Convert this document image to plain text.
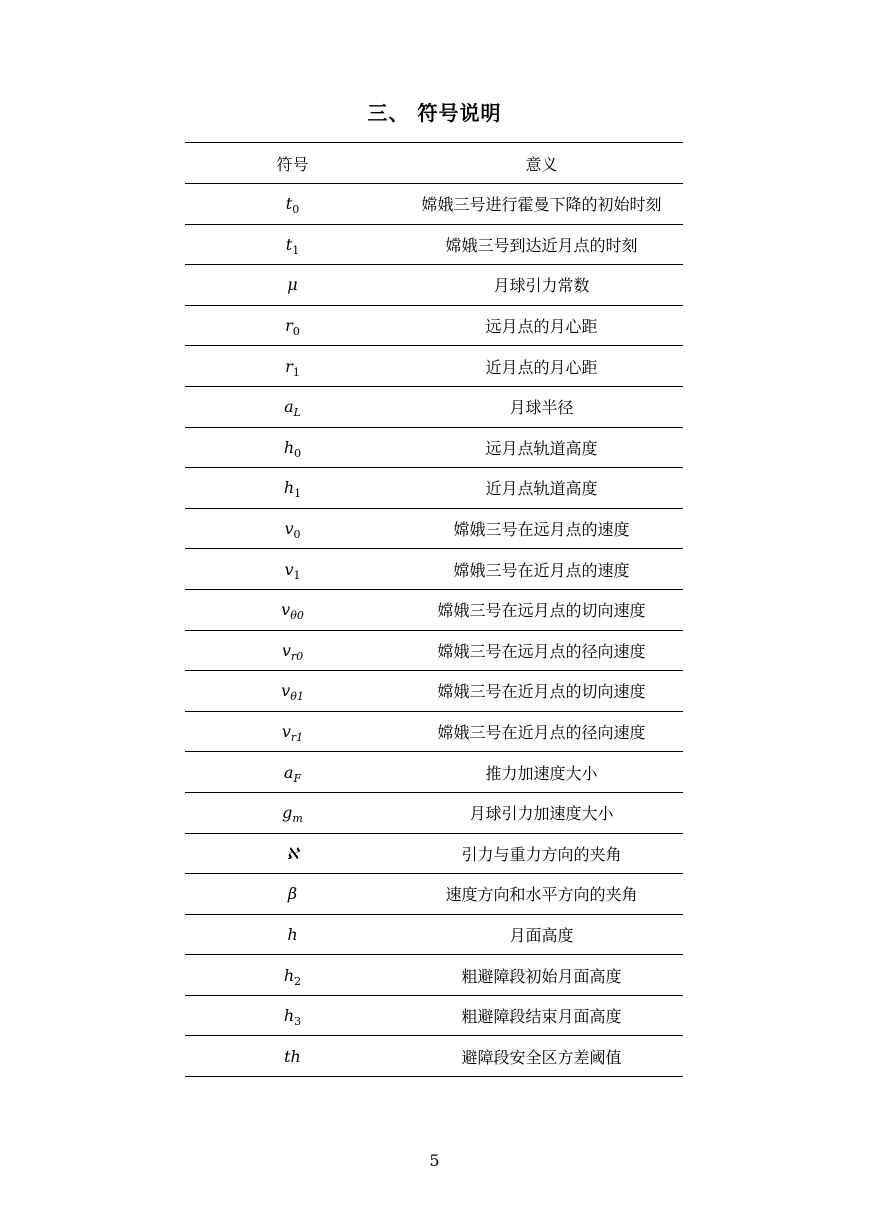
三、 符号说明
符号	意义
$t_0$	嫦娥三号进行霍曼下降的初始时刻
$t_1$	嫦娥三号到达近月点的时刻
μ	月球引力常数
$r_0$	远月点的月心距
$r_1$	近月点的月心距
$a_L$	月球半径
$h_0$	远月点轨道高度
$h_1$	近月点轨道高度
$v_0$	嫦娥三号在远月点的速度
$v_1$	嫦娥三号在近月点的速度
$v_{\theta 0}$	嫦娥三号在远月点的切向速度
$v_{r0}$	嫦娥三号在远月点的径向速度
$v_{\theta 1}$	嫦娥三号在近月点的切向速度
$v_{r1}$	嫦娥三号在近月点的径向速度
$a_F$	推力加速度大小
$g_m$	月球引力加速度大小
ℵ	引力与重力方向的夹角
β	速度方向和水平方向的夹角
h	月面高度
$h_2$	粗避障段初始月面高度
$h_3$	粗避障段结束月面高度
th	避障段安全区方差阈值
5
